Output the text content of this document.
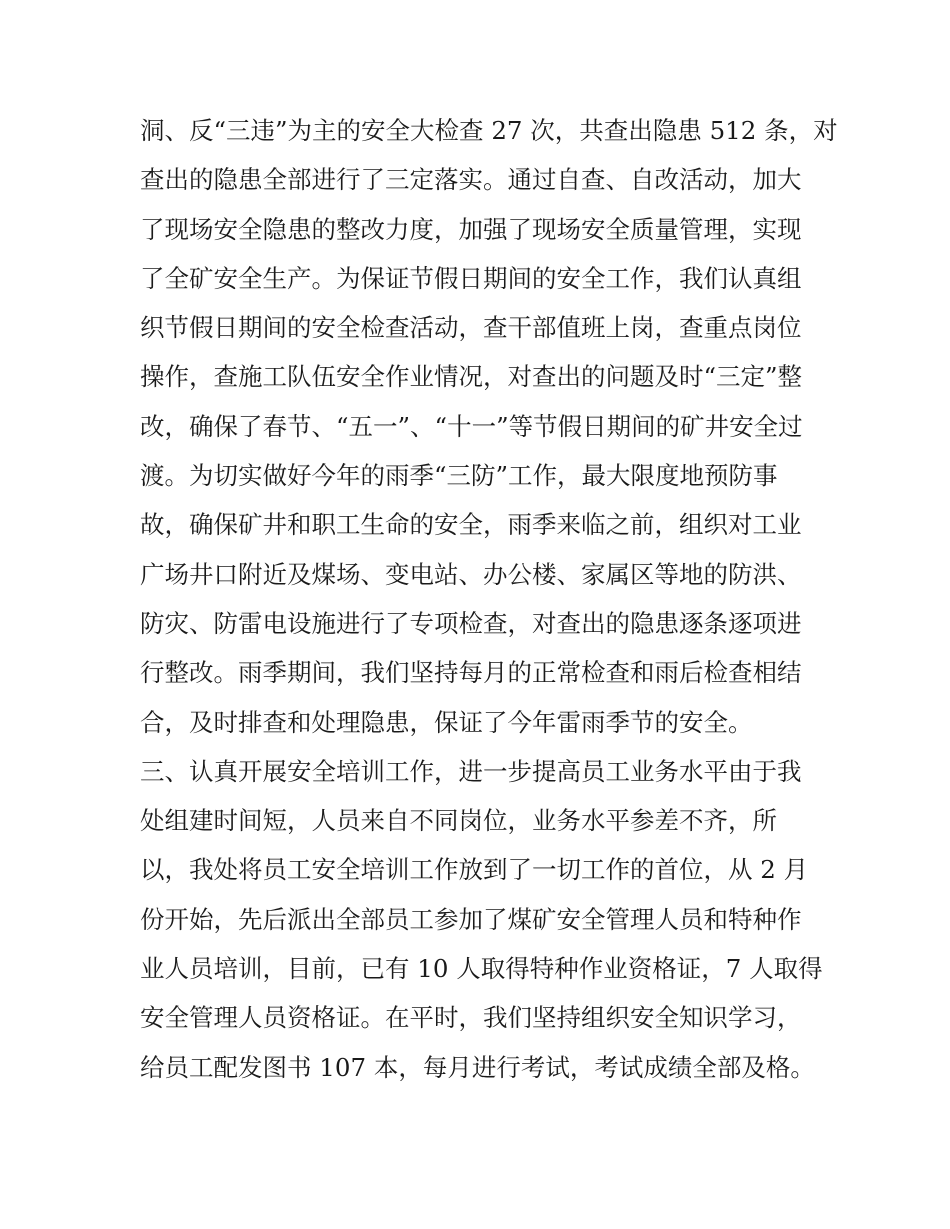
洞、反“三违”为主的安全大检查 27 次，共查出隐患 512 条，对
查出的隐患全部进行了三定落实。通过自查、自改活动，加大
了现场安全隐患的整改力度，加强了现场安全质量管理，实现
了全矿安全生产。为保证节假日期间的安全工作，我们认真组
织节假日期间的安全检查活动，查干部值班上岗，查重点岗位
操作，查施工队伍安全作业情况，对查出的问题及时“三定”整
改，确保了春节、“五一”、“十一”等节假日期间的矿井安全过
渡。为切实做好今年的雨季“三防”工作，最大限度地预防事
故，确保矿井和职工生命的安全，雨季来临之前，组织对工业
广场井口附近及煤场、变电站、办公楼、家属区等地的防洪、
防灾、防雷电设施进行了专项检查，对查出的隐患逐条逐项进
行整改。雨季期间，我们坚持每月的正常检查和雨后检查相结
合，及时排查和处理隐患，保证了今年雷雨季节的安全。
三、认真开展安全培训工作，进一步提高员工业务水平由于我
处组建时间短，人员来自不同岗位，业务水平参差不齐，所
以，我处将员工安全培训工作放到了一切工作的首位，从 2 月
份开始，先后派出全部员工参加了煤矿安全管理人员和特种作
业人员培训，目前，已有 10 人取得特种作业资格证，7 人取得
安全管理人员资格证。在平时，我们坚持组织安全知识学习，
给员工配发图书 107 本，每月进行考试，考试成绩全部及格。
